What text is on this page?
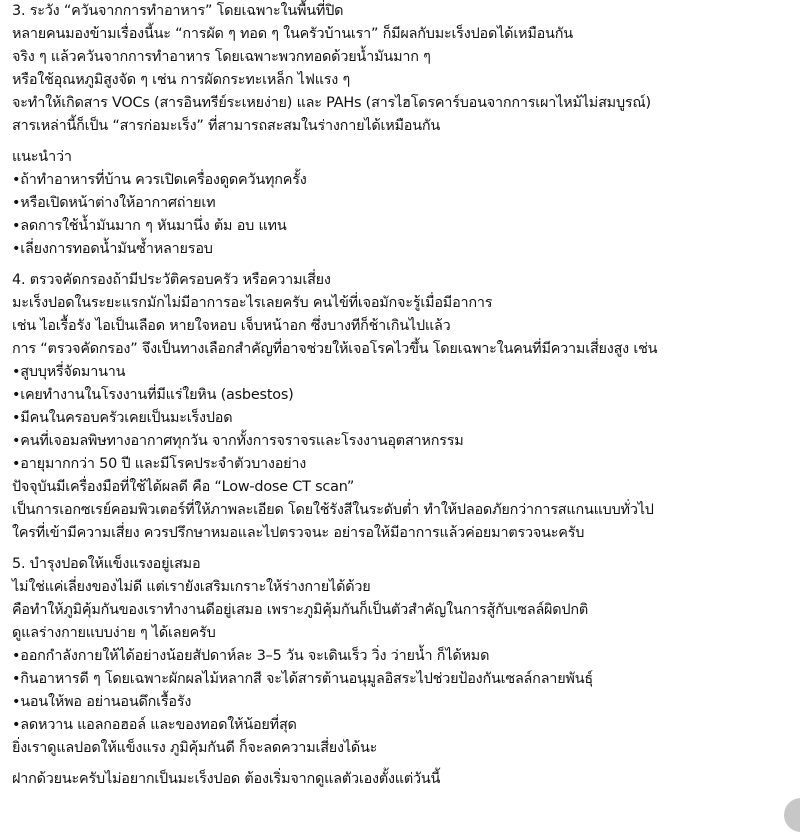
3. ระวัง “ควันจากการทำอาหาร” โดยเฉพาะในพื้นที่ปิด
หลายคนมองข้ามเรื่องนี้นะ “การผัด ๆ ทอด ๆ ในครัวบ้านเรา” ก็มีผลกับมะเร็งปอดได้เหมือนกัน
จริง ๆ แล้วควันจากการทำอาหาร โดยเฉพาะพวกทอดด้วยน้ำมันมาก ๆ
หรือใช้อุณหภูมิสูงจัด ๆ เช่น การผัดกระทะเหล็ก ไฟแรง ๆ
จะทำให้เกิดสาร VOCs (สารอินทรีย์ระเหยง่าย) และ PAHs (สารไฮโดรคาร์บอนจากการเผาไหม้ไม่สมบูรณ์)
สารเหล่านี้ก็เป็น “สารก่อมะเร็ง” ที่สามารถสะสมในร่างกายได้เหมือนกัน
แนะนำว่า
•ถ้าทำอาหารที่บ้าน ควรเปิดเครื่องดูดควันทุกครั้ง
•หรือเปิดหน้าต่างให้อากาศถ่ายเท
•ลดการใช้น้ำมันมาก ๆ หันมานึ่ง ต้ม อบ แทน
•เลี่ยงการทอดน้ำมันซ้ำหลายรอบ
4. ตรวจคัดกรองถ้ามีประวัติครอบครัว หรือความเสี่ยง
มะเร็งปอดในระยะแรกมักไม่มีอาการอะไรเลยครับ คนไข้ที่เจอมักจะรู้เมื่อมีอาการ
เช่น ไอเรื้อรัง ไอเป็นเลือด หายใจหอบ เจ็บหน้าอก ซึ่งบางทีก็ช้าเกินไปแล้ว
การ “ตรวจคัดกรอง” จึงเป็นทางเลือกสำคัญที่อาจช่วยให้เจอโรคไวขึ้น โดยเฉพาะในคนที่มีความเสี่ยงสูง เช่น
•สูบบุหรี่จัดมานาน
•เคยทำงานในโรงงานที่มีแร่ใยหิน (asbestos)
•มีคนในครอบครัวเคยเป็นมะเร็งปอด
•คนที่เจอมลพิษทางอากาศทุกวัน จากทั้งการจราจรและโรงงานอุตสาหกรรม
•อายุมากกว่า 50 ปี และมีโรคประจำตัวบางอย่าง
ปัจจุบันมีเครื่องมือที่ใช้ได้ผลดี คือ “Low-dose CT scan”
เป็นการเอกซเรย์คอมพิวเตอร์ที่ให้ภาพละเอียด โดยใช้รังสีในระดับต่ำ ทำให้ปลอดภัยกว่าการสแกนแบบทั่วไป
ใครที่เข้ามีความเสี่ยง ควรปรึกษาหมอและไปตรวจนะ อย่ารอให้มีอาการแล้วค่อยมาตรวจนะครับ
5. บำรุงปอดให้แข็งแรงอยู่เสมอ
ไม่ใช่แค่เลี่ยงของไม่ดี แต่เรายังเสริมเกราะให้ร่างกายได้ด้วย
คือทำให้ภูมิคุ้มกันของเราทำงานดีอยู่เสมอ เพราะภูมิคุ้มกันก็เป็นตัวสำคัญในการสู้กับเซลล์ผิดปกติ
ดูแลร่างกายแบบง่าย ๆ ได้เลยครับ
•ออกกำลังกายให้ได้อย่างน้อยสัปดาห์ละ 3–5 วัน จะเดินเร็ว วิ่ง ว่ายน้ำ ก็ได้หมด
•กินอาหารดี ๆ โดยเฉพาะผักผลไม้หลากสี จะได้สารต้านอนุมูลอิสระไปช่วยป้องกันเซลล์กลายพันธุ์
•นอนให้พอ อย่านอนดึกเรื้อรัง
•ลดหวาน แอลกอฮอล์ และของทอดให้น้อยที่สุด
ยิ่งเราดูแลปอดให้แข็งแรง ภูมิคุ้มกันดี ก็จะลดความเสี่ยงได้นะ
ฝากด้วยนะครับไม่อยากเป็นมะเร็งปอด ต้องเริ่มจากดูแลตัวเองตั้งแต่วันนี้
